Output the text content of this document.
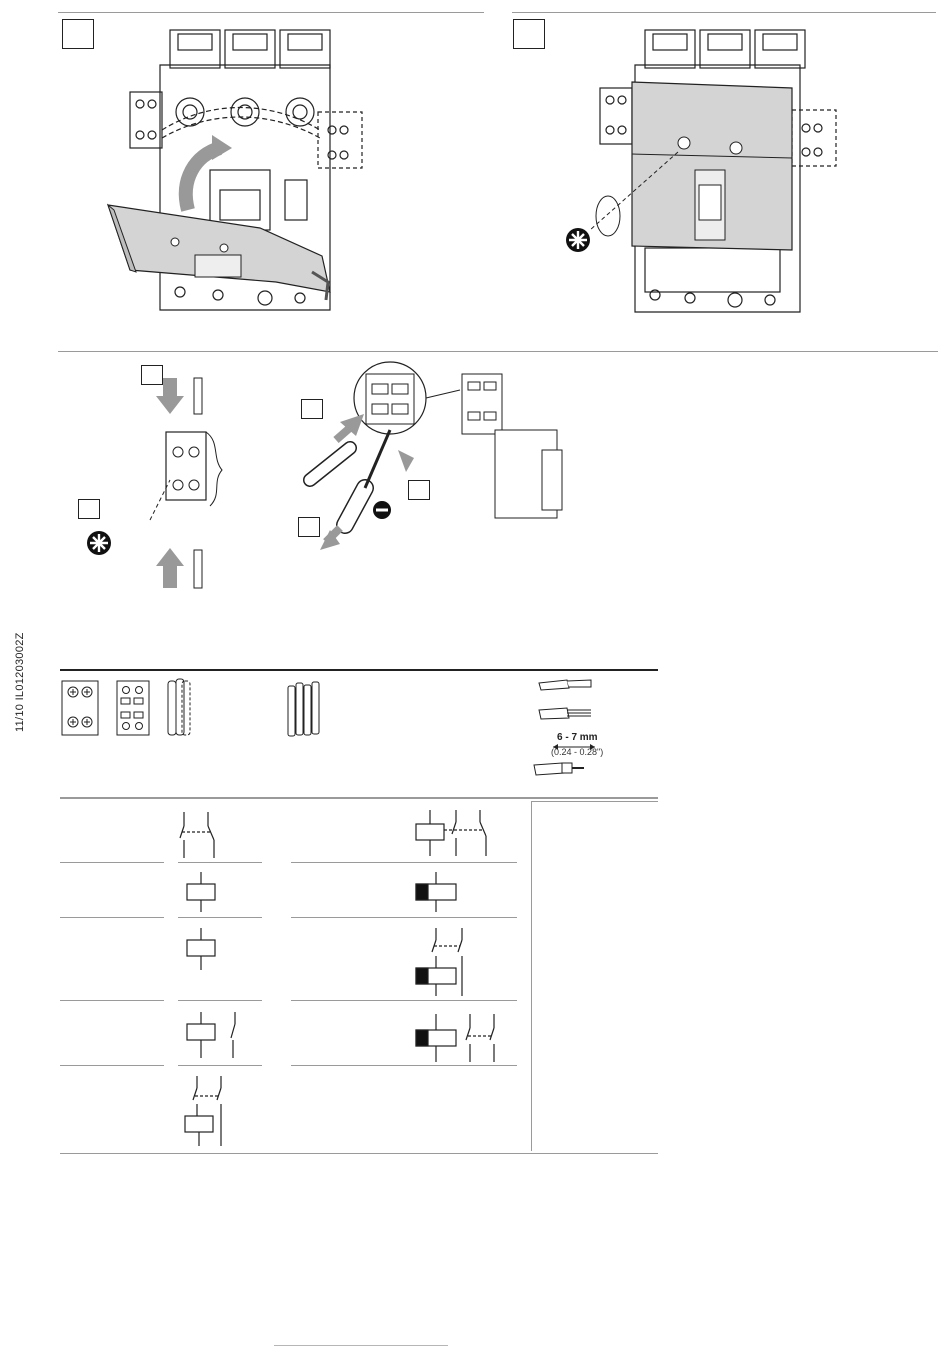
11/10 IL01203002Z
6 - 7 mm
(0.24 - 0.28")
